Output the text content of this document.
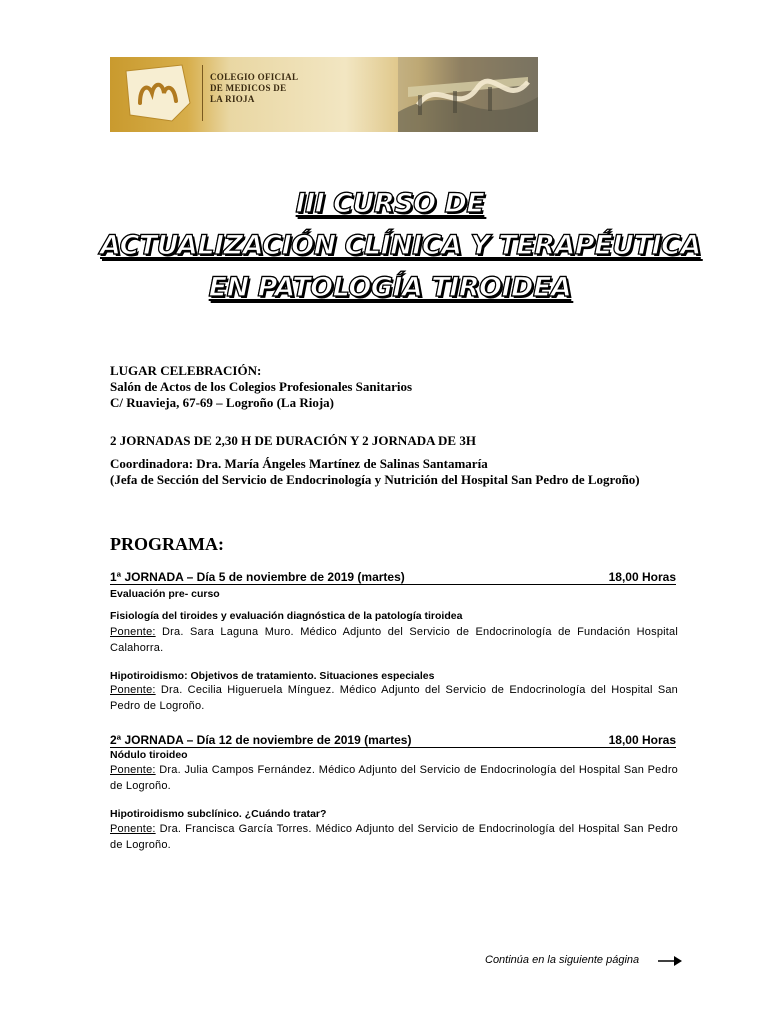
COLEGIO OFICIAL
DE MEDICOS DE
LA RIOJA
III CURSO DE
ACTUALIZACIÓN CLÍNICA Y TERAPÉUTICA
EN PATOLOGÍA TIROIDEA
LUGAR CELEBRACIÓN:
Salón de Actos de los Colegios Profesionales Sanitarios
C/ Ruavieja, 67-69 – Logroño (La Rioja)
2 JORNADAS DE 2,30 H DE DURACIÓN Y 2 JORNADA DE 3H
Coordinadora: Dra. María Ángeles Martínez de Salinas Santamaría
(Jefa de Sección del Servicio de Endocrinología y Nutrición del Hospital San Pedro de Logroño)
PROGRAMA:
1ª JORNADA – Día 5 de noviembre de 2019 (martes)	18,00 Horas
Evaluación pre- curso
Fisiología del tiroides y evaluación diagnóstica de la patología tiroidea
Ponente: Dra. Sara Laguna Muro. Médico Adjunto del Servicio de Endocrinología de Fundación Hospital Calahorra.
Hipotiroidismo: Objetivos de tratamiento. Situaciones especiales
Ponente: Dra. Cecilia Higueruela Mínguez. Médico Adjunto del Servicio de Endocrinología del Hospital San Pedro de Logroño.
2ª JORNADA – Día 12 de noviembre de 2019 (martes)	18,00 Horas
Nódulo tiroideo
Ponente: Dra. Julia Campos Fernández. Médico Adjunto del Servicio de Endocrinología del Hospital San Pedro de Logroño.
Hipotiroidismo subclínico. ¿Cuándo tratar?
Ponente: Dra. Francisca García Torres. Médico Adjunto del Servicio de Endocrinología del Hospital San Pedro de Logroño.
Continúa en la siguiente página
